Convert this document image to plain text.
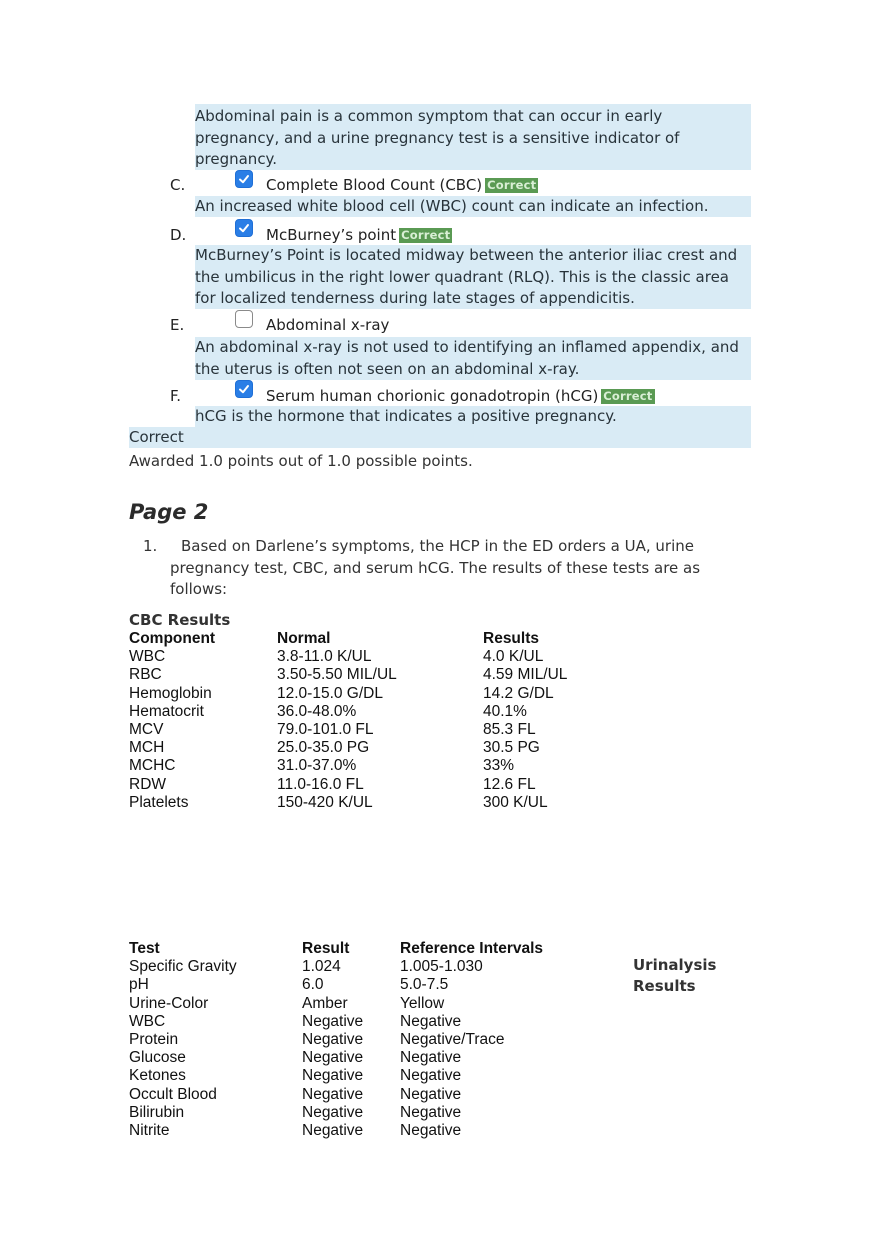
Abdominal pain is a common symptom that can occur in early pregnancy, and a urine pregnancy test is a sensitive indicator of pregnancy.
C.	Complete Blood Count (CBC) Correct
An increased white blood cell (WBC) count can indicate an infection.
D.	McBurney’s point Correct
McBurney’s Point is located midway between the anterior iliac crest and the umbilicus in the right lower quadrant (RLQ). This is the classic area for localized tenderness during late stages of appendicitis.
E.	Abdominal x-ray
An abdominal x-ray is not used to identifying an inflamed appendix, and the uterus is often not seen on an abdominal x-ray.
F.	Serum human chorionic gonadotropin (hCG) Correct
hCG is the hormone that indicates a positive pregnancy.
Correct
Awarded 1.0 points out of 1.0 possible points.
Page 2
1.	Based on Darlene’s symptoms, the HCP in the ED orders a UA, urine pregnancy test, CBC, and serum hCG. The results of these tests are as follows:
CBC Results
Component	Normal	Results
WBC	3.8-11.0 K/UL	4.0 K/UL
RBC	3.50-5.50 MIL/UL	4.59 MIL/UL
Hemoglobin	12.0-15.0 G/DL	14.2 G/DL
Hematocrit	36.0-48.0%	40.1%
MCV	79.0-101.0 FL	85.3 FL
MCH	25.0-35.0 PG	30.5 PG
MCHC	31.0-37.0%	33%
RDW	11.0-16.0 FL	12.6 FL
Platelets	150-420 K/UL	300 K/UL
Test	Result	Reference Intervals
Specific Gravity	1.024	1.005-1.030
pH	6.0	5.0-7.5
Urine-Color	Amber	Yellow
WBC	Negative Negative
Protein	Negative Negative/Trace
Glucose	Negative Negative
Ketones	Negative Negative
Occult Blood	Negative Negative
Bilirubin	Negative Negative
Nitrite	Negative Negative
Urinalysis Results
